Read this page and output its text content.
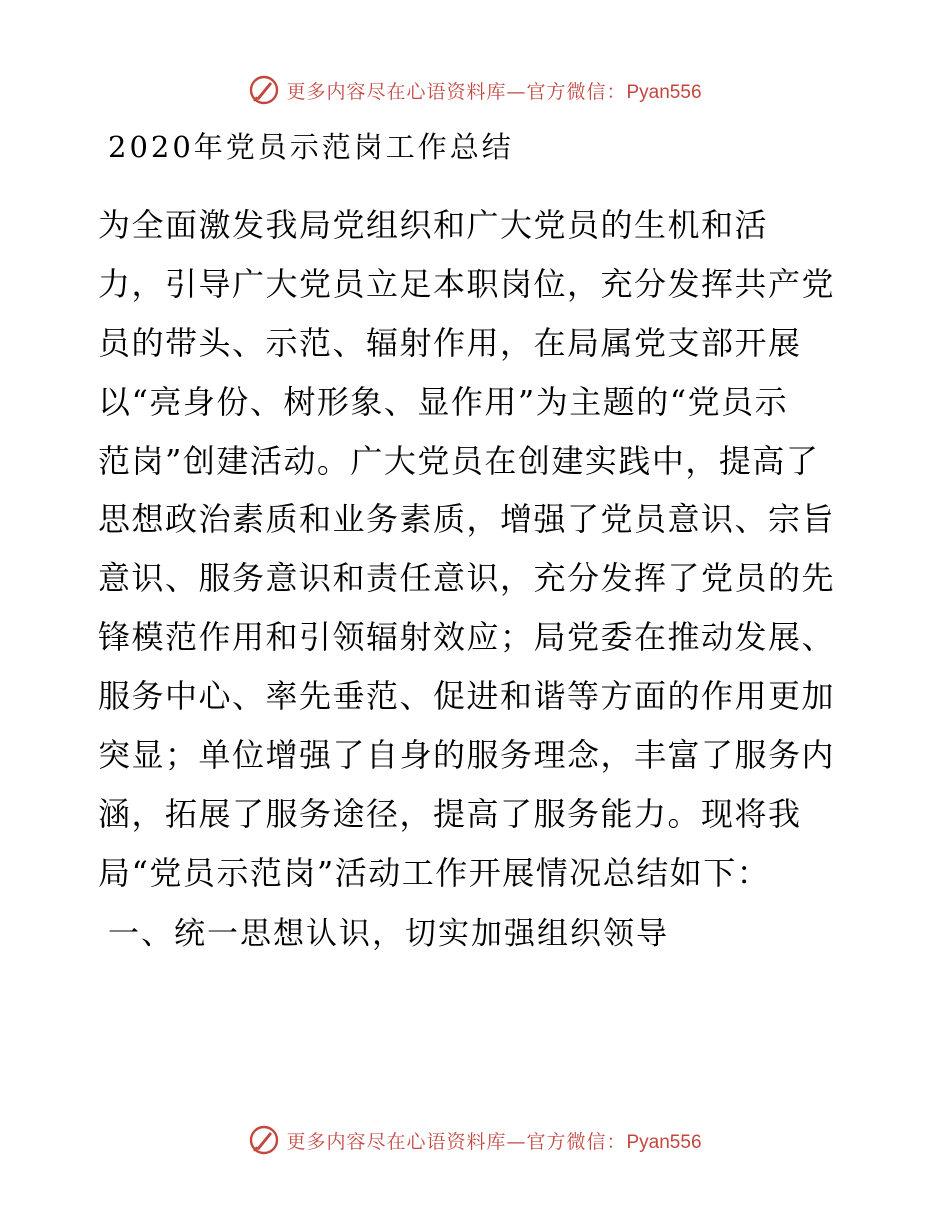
更多内容尽在心语资料库—官方微信：Pyan556
2020年党员示范岗工作总结
为全面激发我局党组织和广大党员的生机和活
力，引导广大党员立足本职岗位，充分发挥共产党
员的带头、示范、辐射作用，在局属党支部开展
以“亮身份、树形象、显作用”为主题的“党员示
范岗”创建活动。广大党员在创建实践中，提高了
思想政治素质和业务素质，增强了党员意识、宗旨
意识、服务意识和责任意识，充分发挥了党员的先
锋模范作用和引领辐射效应；局党委在推动发展、
服务中心、率先垂范、促进和谐等方面的作用更加
突显；单位增强了自身的服务理念，丰富了服务内
涵，拓展了服务途径，提高了服务能力。现将我
局“党员示范岗”活动工作开展情况总结如下：
一、统一思想认识，切实加强组织领导
更多内容尽在心语资料库—官方微信：Pyan556
